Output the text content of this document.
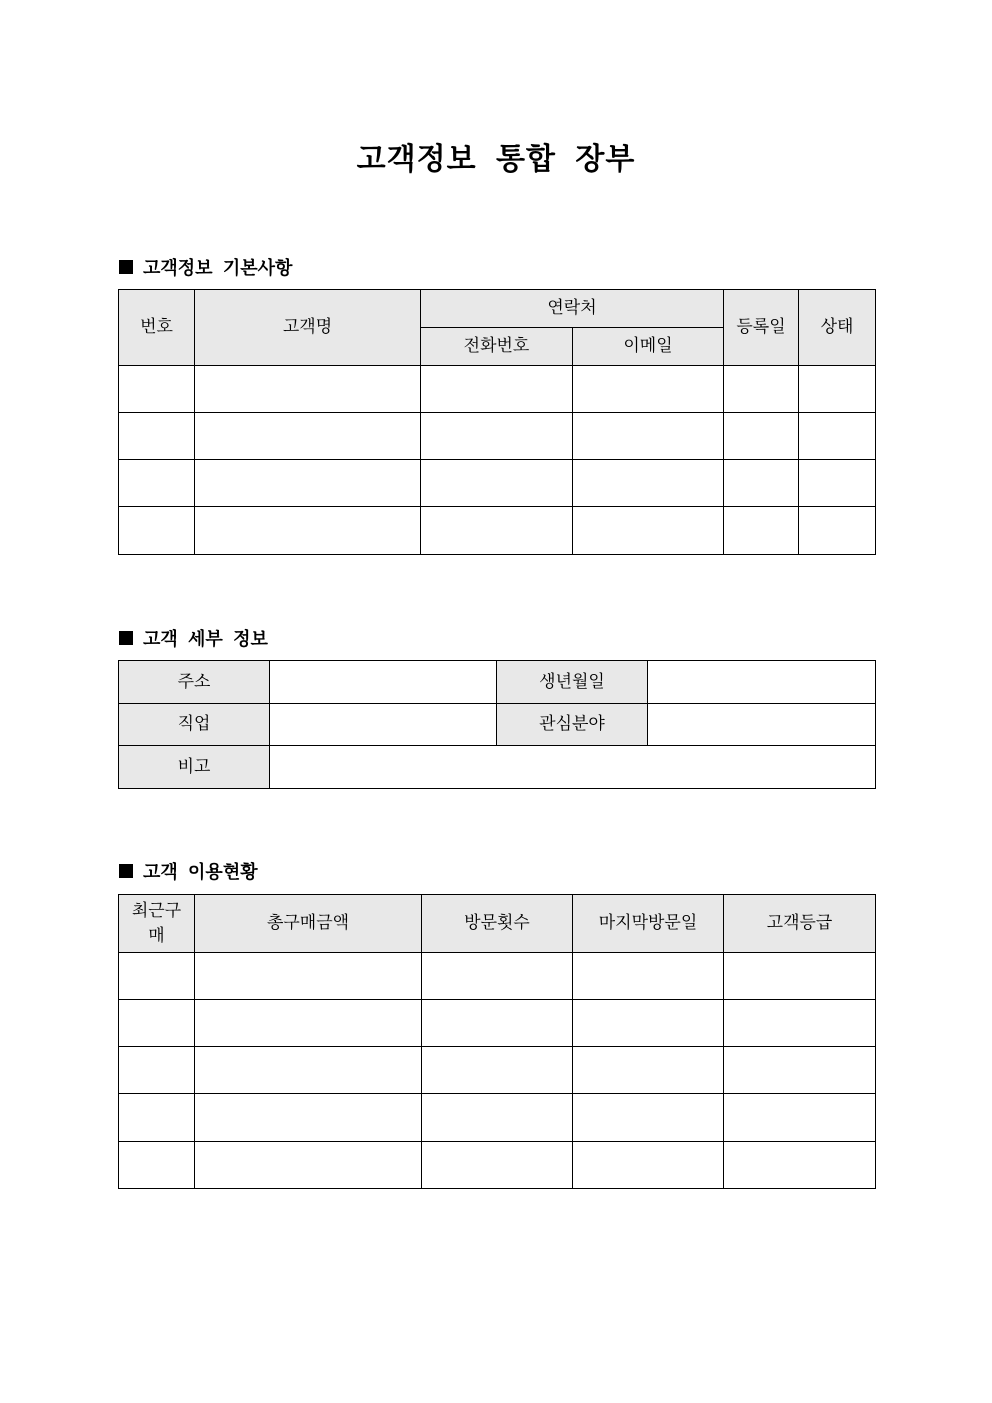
고객정보 통합 장부
고객정보 기본사항
번호	고객명	연락처		등록일	상태
		전화번호	이메일		

고객 세부 정보
주소		생년월일	
직업		관심분야	
비고			
고객 이용현황
최근구
매	총구매금액	방문횟수	마지막방문일	고객등급
